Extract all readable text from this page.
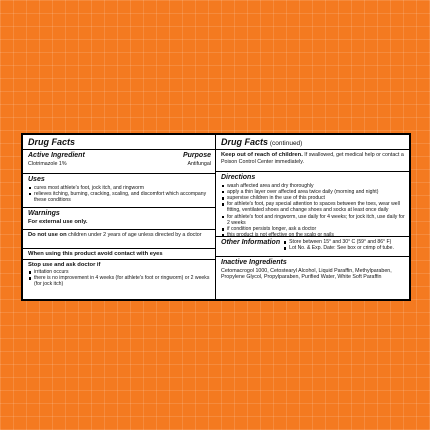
Drug Facts
Active Ingredient	Purpose
Clotrimazole 1%	Antifungal
Uses
cures most athlete's foot, jock itch, and ringworm
relieves itching, burning, cracking, scaling, and discomfort which accompany these conditions
Warnings
For external use only.
Do not use on children under 2 years of age unless directed by a doctor
When using this product avoid contact with eyes
Stop use and ask doctor if
irritation occurs
there is no improvement in 4 weeks (for athlete's foot or ringworm) or 2 weeks (for jock itch)
Drug Facts (continued)
Keep out of reach of children. If swallowed, get medical help or contact a Poison Control Center immediately.
Directions
wash affected area and dry thoroughly
apply a thin layer over affected area twice daily (morning and night)
supervise children in the use of this product
for athlete's foot, pay special attention to spaces between the toes, wear well fitting, ventilated shoes and change shoes and socks at least once daily
for athlete's foot and ringworm, use daily for 4 weeks; for jock itch, use daily for 2 weeks
if condition persists longer, ask a doctor
this product is not effective on the scalp or nails
Other Information	Store between 15° and 30° C (59° and 86° F)
Lot No. & Exp. Date: See box or crimp of tube.
Inactive Ingredients
Cetomacrogol 1000, Cetostearyl Alcohol, Liquid Paraffin, Methylparaben, Propylene Glycol, Propylparaben, Purified Water, White Soft Paraffin
